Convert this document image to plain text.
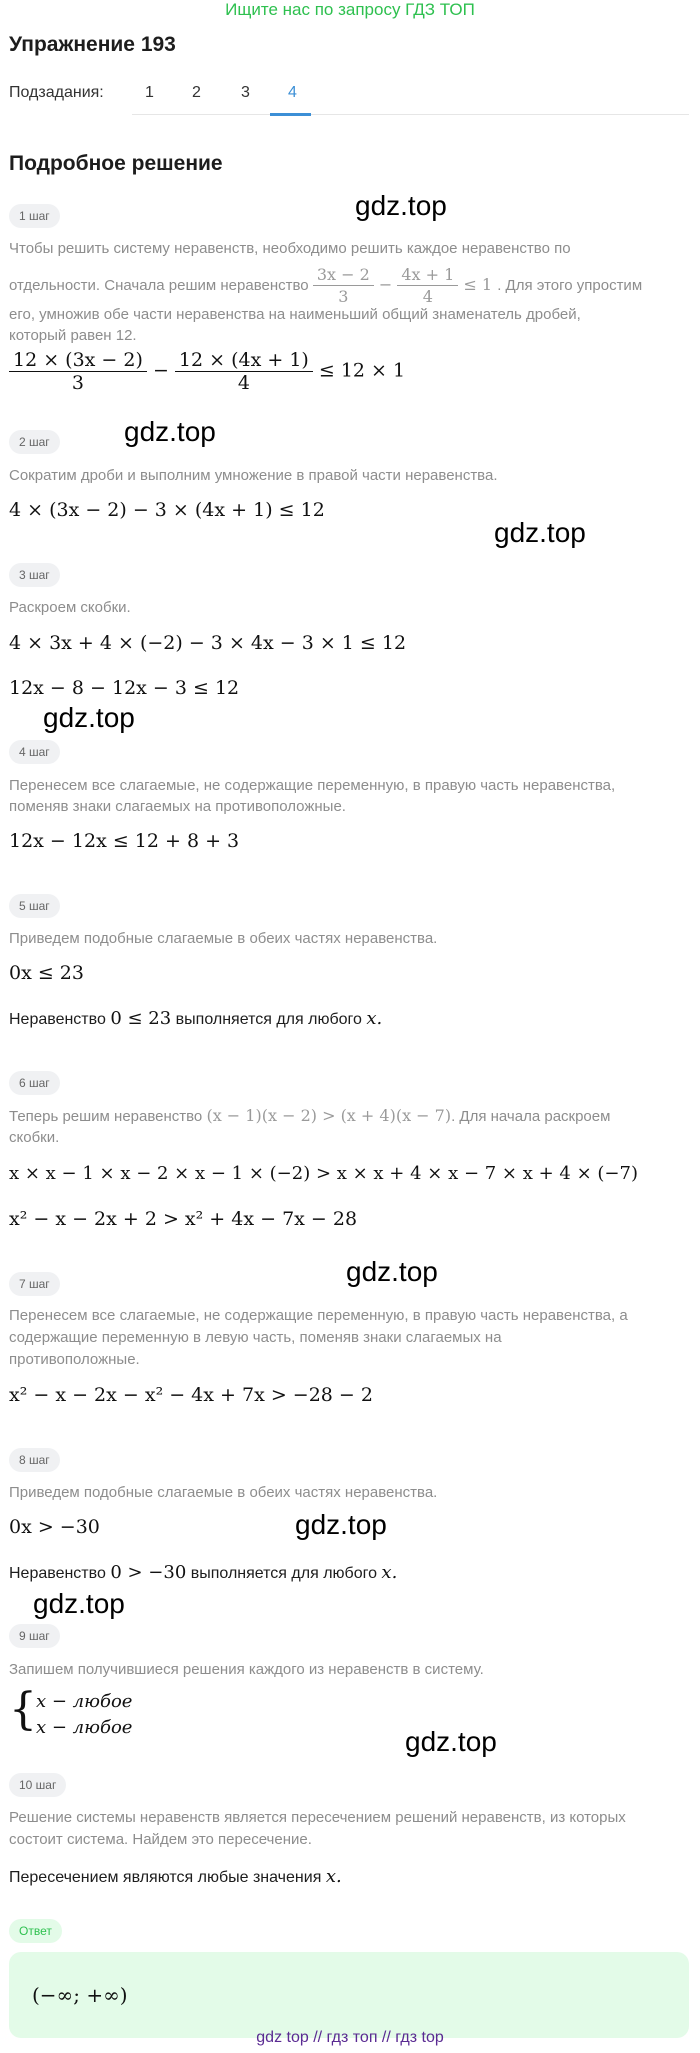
Ищите нас по запросу ГДЗ ТОП
Упражнение 193
Подзадания:	1 2	3 4
Подробное решение
gdz.top
gdz.top
gdz.top
gdz.top
gdz.top
gdz.top
gdz.top
gdz.top
1 шаг
Чтобы решить систему неравенств, необходимо решить каждое неравенство по
отдельности. Сначала решим неравенство $\frac{3x - 2}{3} - \frac{4x + 1}{4} \le 1$ . Для этого упростим
его, умножив обе части неравенства на наименьший общий знаменатель дробей,
который равен 12.
$\frac{12 \times (3x - 2)}{3} - \frac{12 \times (4x + 1)}{4} \le 12 \times 1$
2 шаг
Сократим дроби и выполним умножение в правой части неравенства.
4 × (3x − 2) − 3 × (4x + 1) ≤ 12
3 шаг
Раскроем скобки.
4 × 3x + 4 × (−2) − 3 × 4x − 3 × 1 ≤ 12
12x − 8 − 12x − 3 ≤ 12
4 шаг
Перенесем все слагаемые, не содержащие переменную, в правую часть неравенства,
поменяв знаки слагаемых на противоположные.
12x − 12x ≤ 12 + 8 + 3
5 шаг
Приведем подобные слагаемые в обеих частях неравенства.
0x ≤ 23
Неравенство 0 ≤ 23 выполняется для любого x.
6 шаг
Теперь решим неравенство (x − 1)(x − 2) > (x + 4)(x − 7). Для начала раскроем
скобки.
x × x − 1 × x − 2 × x − 1 × (−2) > x × x + 4 × x − 7 × x + 4 × (−7)
x² − x − 2x + 2 > x² + 4x − 7x − 28
7 шаг
Перенесем все слагаемые, не содержащие переменную, в правую часть неравенства, а
содержащие переменную в левую часть, поменяв знаки слагаемых на
противоположные.
x² − x − 2x − x² − 4x + 7x > −28 − 2
8 шаг
Приведем подобные слагаемые в обеих частях неравенства.
0x > −30
Неравенство 0 > −30 выполняется для любого x.
9 шаг
Запишем получившиеся решения каждого из неравенств в систему.
{ x − любое
x − любое
10 шаг
Решение системы неравенств является пересечением решений неравенств, из которых
состоит система. Найдем это пересечение.
Пересечением являются любые значения x.
Ответ
(−∞; +∞)
gdz top // гдз топ // гдз top
